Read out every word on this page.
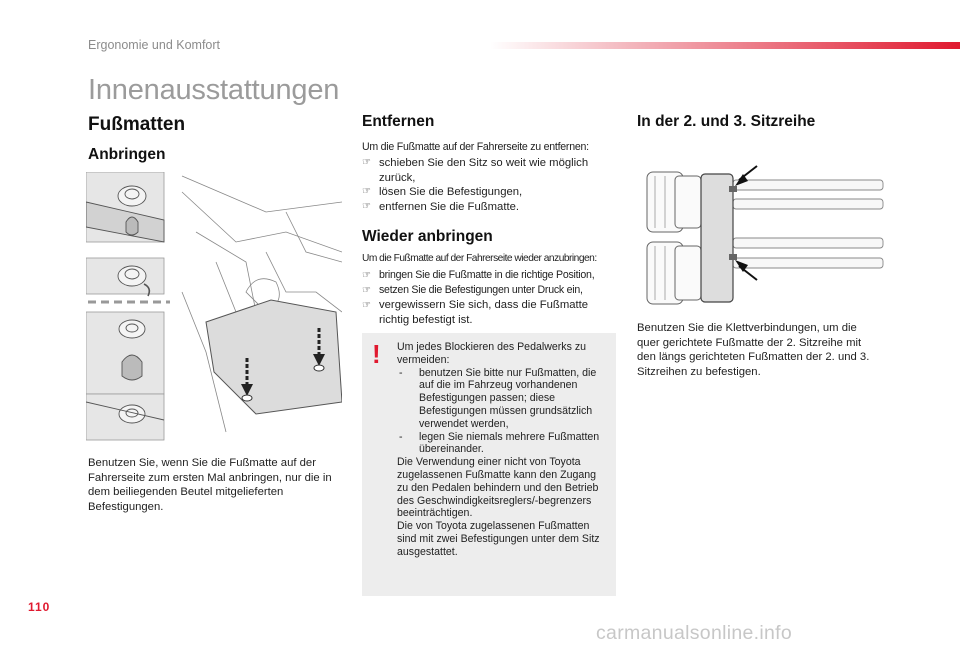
Ergonomie und Komfort
Innenausstattungen
Fußmatten
Anbringen

Benutzen Sie, wenn Sie die Fußmatte auf der Fahrerseite zum ersten Mal anbringen, nur die in dem beiliegenden Beutel mitgelieferten Befestigungen.

Entfernen

Um die Fußmatte auf der Fahrerseite zu entfernen:

☞ schieben Sie den Sitz so weit wie möglich zurück,
☞ lösen Sie die Befestigungen,
☞ entfernen Sie die Fußmatte.
Wieder anbringen

Um die Fußmatte auf der Fahrerseite wieder anzubringen:

☞ bringen Sie die Fußmatte in die richtige Position,
☞ setzen Sie die Befestigungen unter Druck ein,
☞ vergewissern Sie sich, dass die Fußmatte richtig befestigt ist.
! Um jedes Blockieren des Pedalwerks zu vermeiden:

- benutzen Sie bitte nur Fußmatten, die auf die im Fahrzeug vorhandenen Befestigungen passen; diese Befestigungen müssen grundsätzlich verwendet werden,
- legen Sie niemals mehrere Fußmatten übereinander.

Die Verwendung einer nicht von Toyota zugelassenen Fußmatte kann den Zugang zu den Pedalen behindern und den Betrieb des Geschwindigkeitsreglers/-begrenzers beeinträchtigen.

Die von Toyota zugelassenen Fußmatten sind mit zwei Befestigungen unter dem Sitz ausgestattet.

In der 2. und 3. Sitzreihe

Benutzen Sie die Klettverbindungen, um die quer gerichtete Fußmatte der 2. Sitzreihe mit den längs gerichteten Fußmatten der 2. und 3. Sitzreihen zu befestigen.

110
carmanualsonline.info
